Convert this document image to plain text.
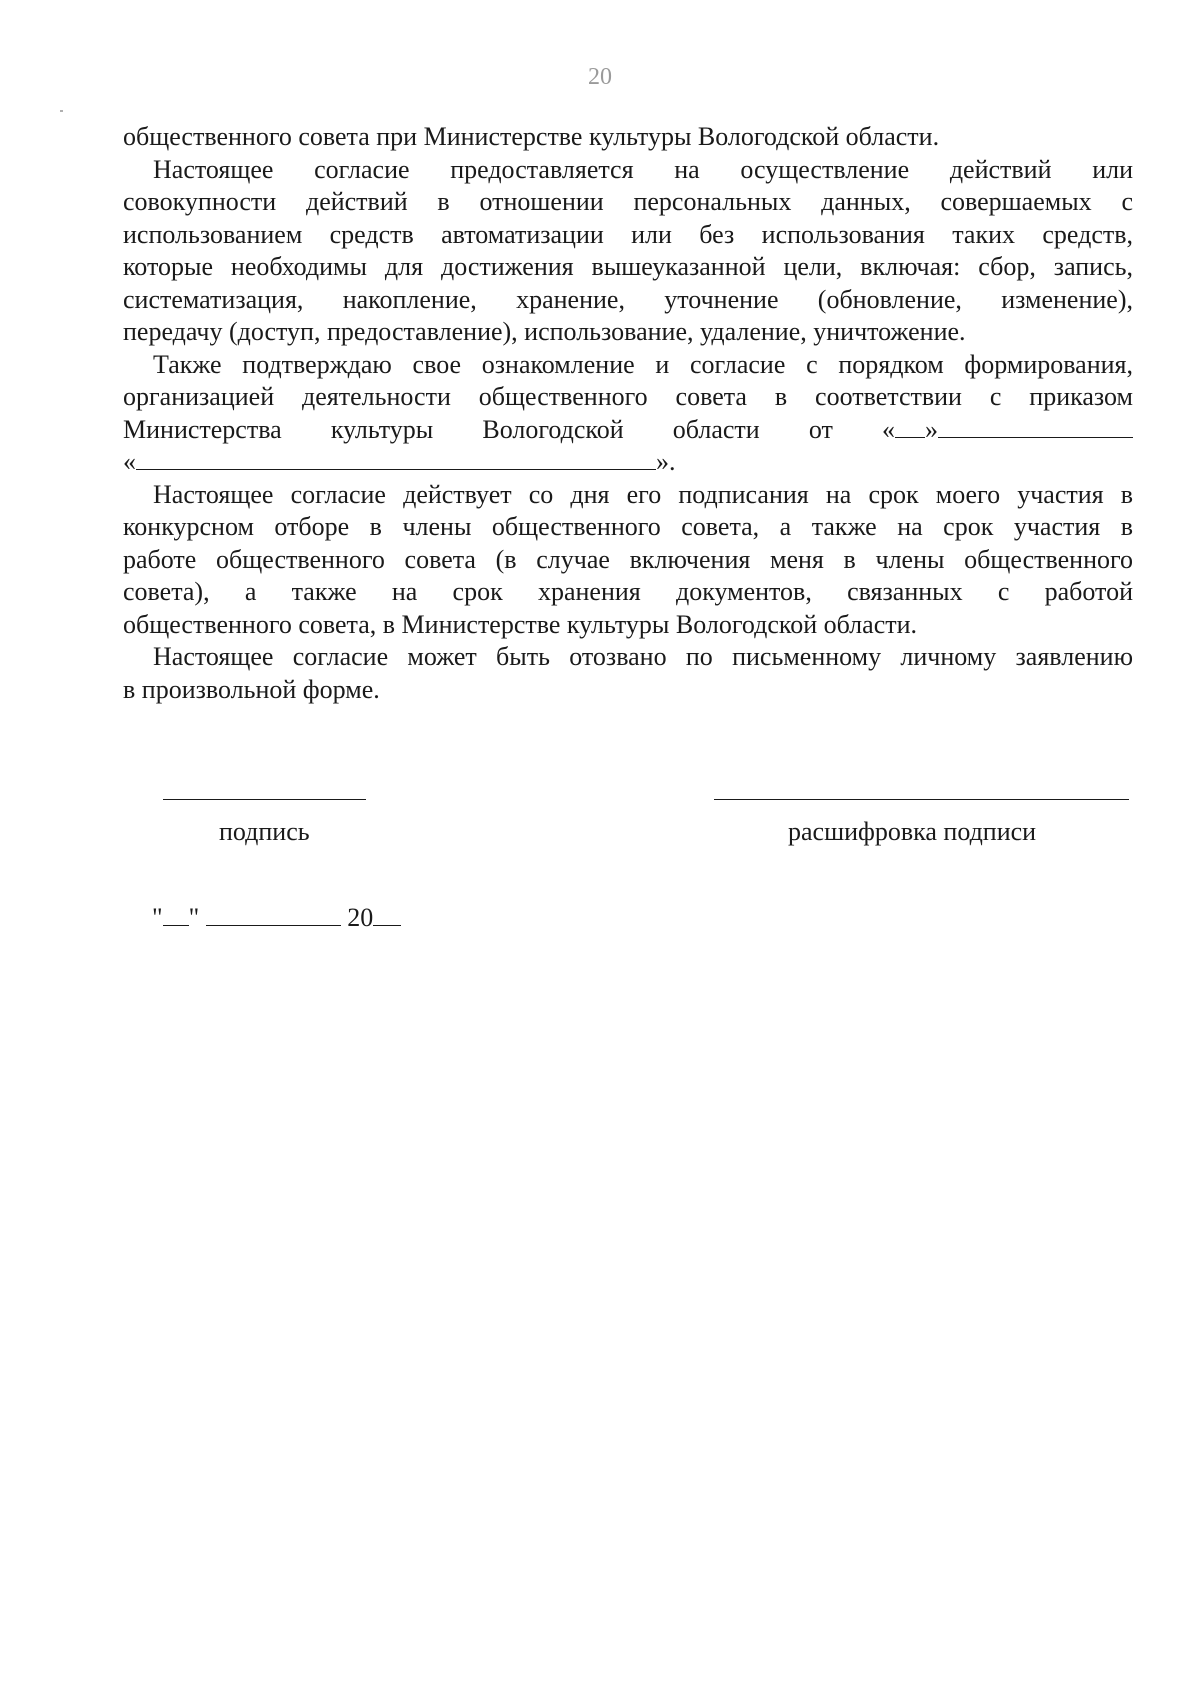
20

общественного совета при Министерстве культуры Вологодской области.

Настоящее согласие предоставляется на осуществление действий или
совокупности действий в отношении персональных данных, совершаемых с
использованием средств автоматизации или без использования таких средств,
которые необходимы для достижения вышеуказанной цели, включая: сбор, запись,
систематизация, накопление, хранение, уточнение (обновление, изменение),
передачу (доступ, предоставление), использование, удаление, уничтожение.

Также подтверждаю свое ознакомление и согласие с порядком формирования,
организацией деятельности общественного совета в соответствии с приказом
Министерства культуры Вологодской области от « »
«	».

Настоящее согласие действует со дня его подписания на срок моего участия в
конкурсном отборе в члены общественного совета, а также на срок участия в
работе общественного совета (в случае включения меня в члены общественного
совета), а также на срок хранения документов, связанных с работой
общественного совета, в Министерстве культуры Вологодской области.

Настоящее согласие может быть отозвано по письменному личному заявлению
в произвольной форме.

подпись	расшифровка подписи
" "	20
